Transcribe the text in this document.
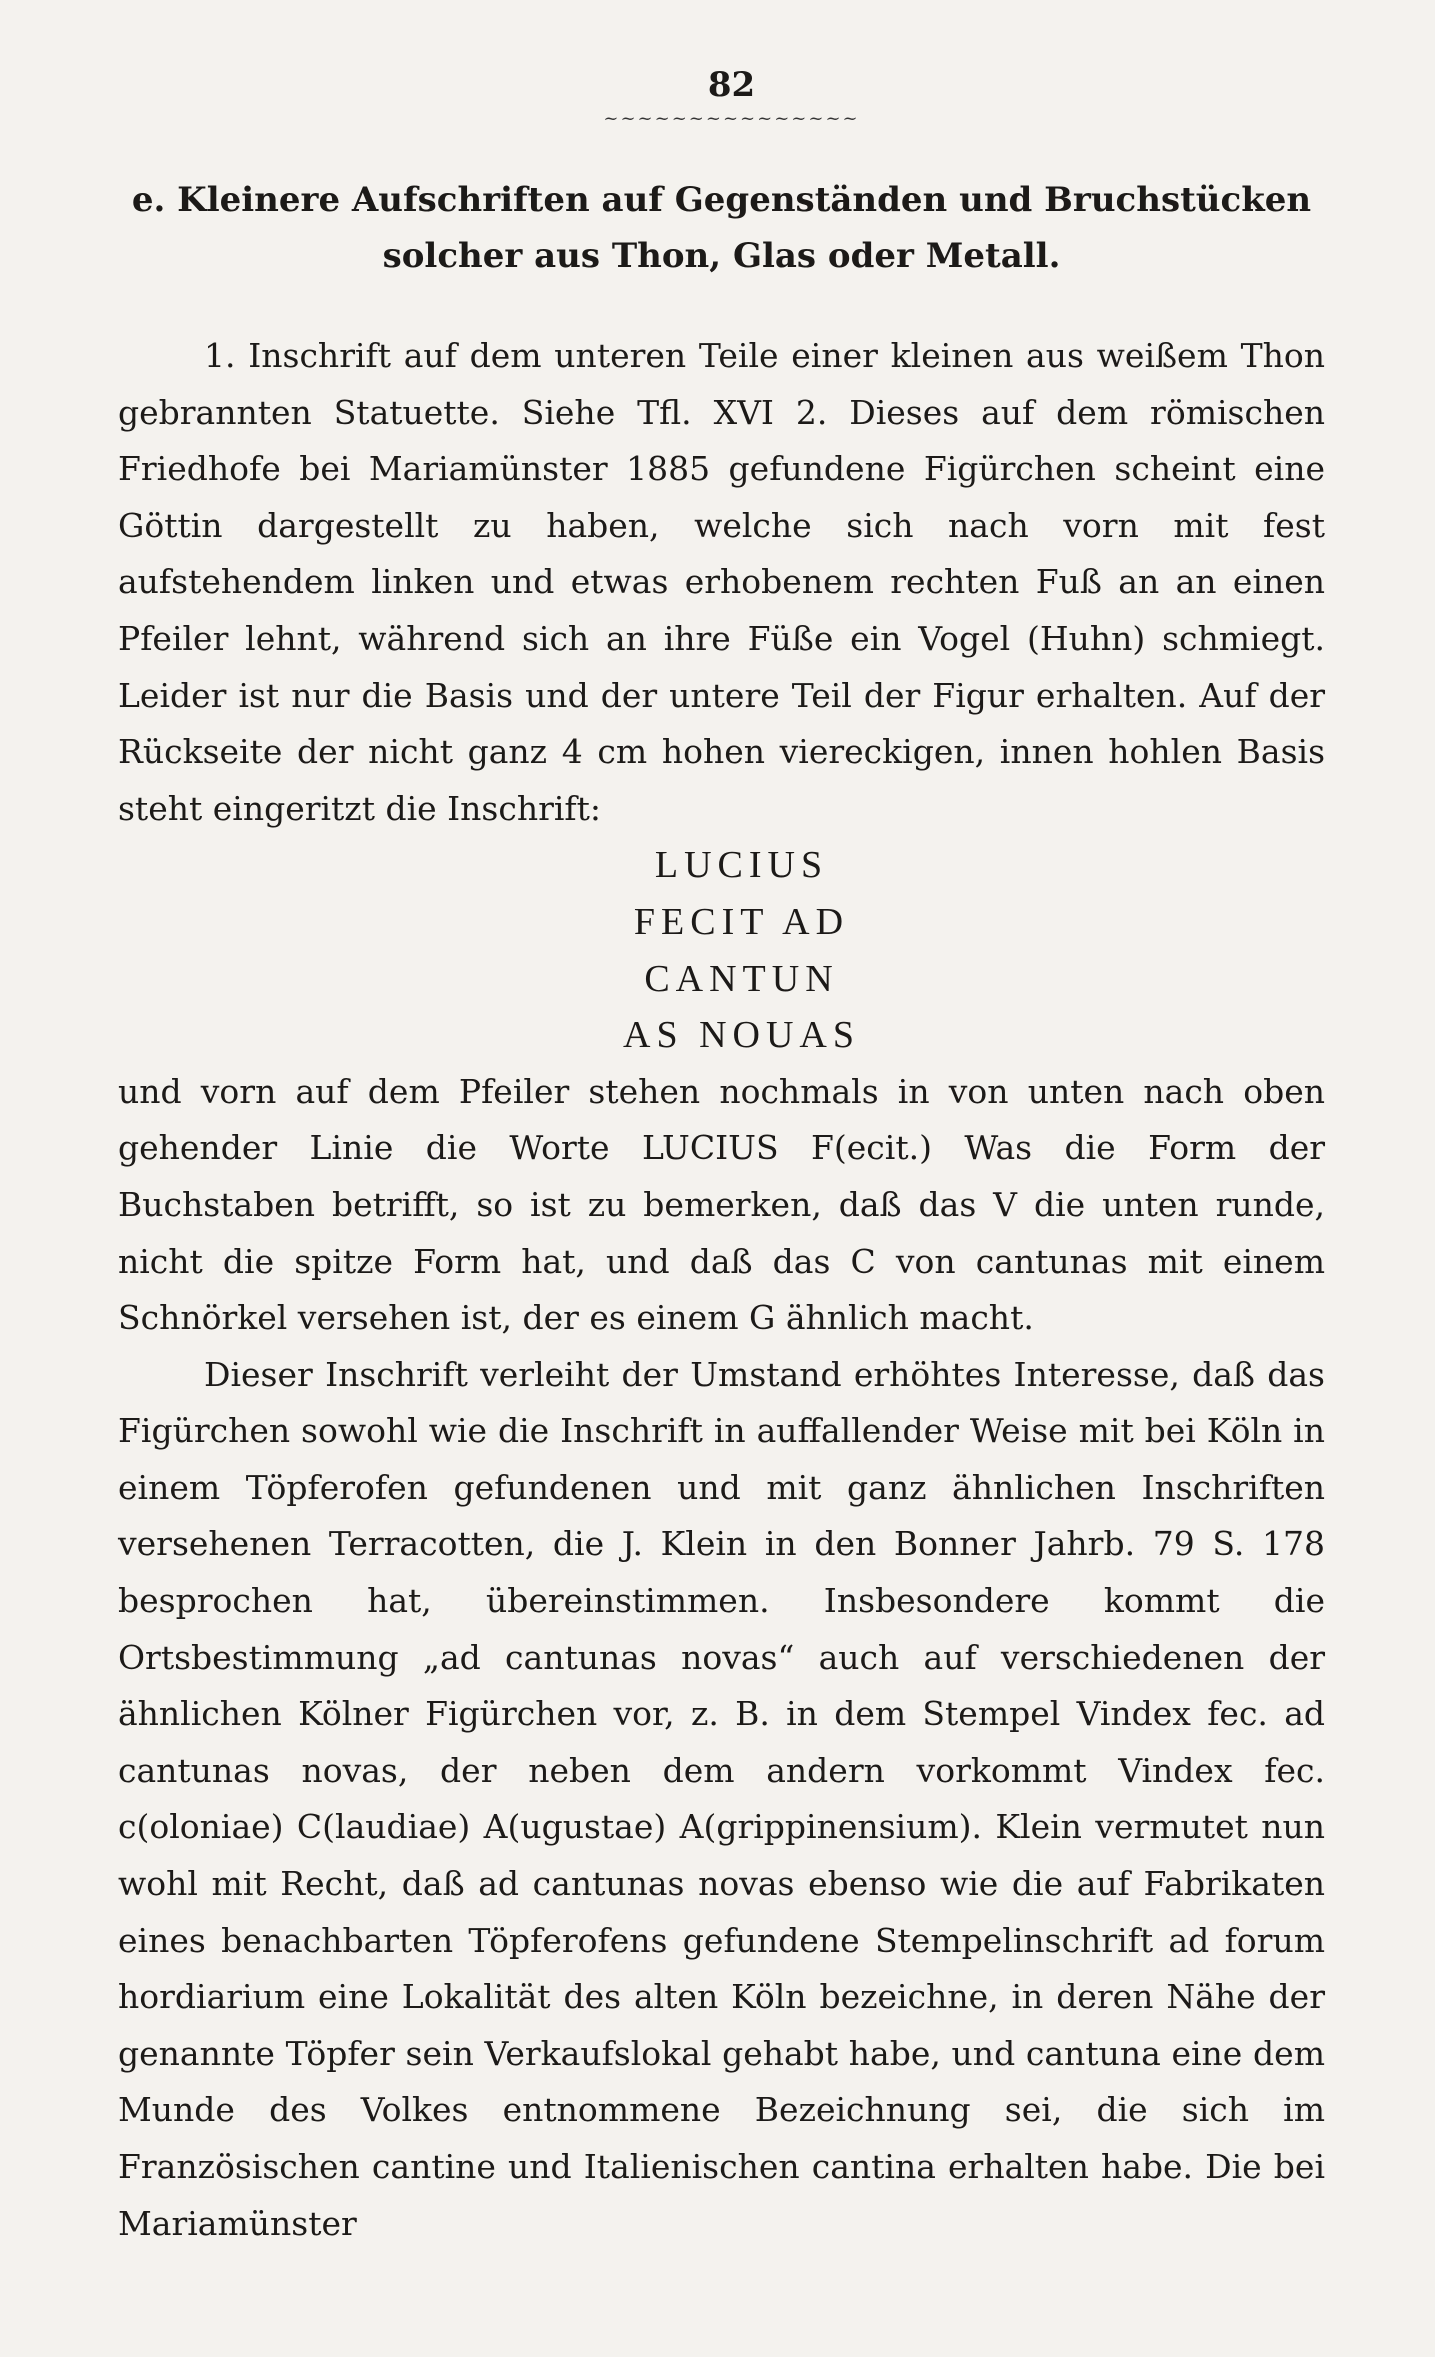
82
~~~~~~~~~~~~~~~
e. Kleinere Aufschriften auf Gegenständen und Bruchstücken
solcher aus Thon, Glas oder Metall.

1. Inschrift auf dem unteren Teile einer kleinen aus weißem Thon gebrannten Statuette. Siehe Tfl. XVI 2. Dieses auf dem römischen Friedhofe bei Mariamünster 1885 gefundene Figürchen scheint eine Göttin dargestellt zu haben, welche sich nach vorn mit fest aufstehendem linken und etwas erhobenem rechten Fuß an an einen Pfeiler lehnt, während sich an ihre Füße ein Vogel (Huhn) schmiegt. Leider ist nur die Basis und der untere Teil der Figur erhalten. Auf der Rückseite der nicht ganz 4 cm hohen viereckigen, innen hohlen Basis steht eingeritzt die Inschrift:

LUCIUS
FECIT AD
CANTUN
AS NOUAS

und vorn auf dem Pfeiler stehen nochmals in von unten nach oben gehender Linie die Worte LUCIUS F(ecit.) Was die Form der Buchstaben betrifft, so ist zu bemerken, daß das V die unten runde, nicht die spitze Form hat, und daß das C von cantunas mit einem Schnörkel versehen ist, der es einem G ähnlich macht.

Dieser Inschrift verleiht der Umstand erhöhtes Interesse, daß das Figürchen sowohl wie die Inschrift in auffallender Weise mit bei Köln in einem Töpferofen gefundenen und mit ganz ähnlichen Inschriften versehenen Terracotten, die J. Klein in den Bonner Jahrb. 79 S. 178 besprochen hat, übereinstimmen. Insbesondere kommt die Ortsbestimmung „ad cantunas novas“ auch auf verschiedenen der ähnlichen Kölner Figürchen vor, z. B. in dem Stempel Vindex fec. ad cantunas novas, der neben dem andern vorkommt Vindex fec. c(oloniae) C(laudiae) A(ugustae) A(grippinensium). Klein vermutet nun wohl mit Recht, daß ad cantunas novas ebenso wie die auf Fabrikaten eines benachbarten Töpferofens gefundene Stempelinschrift ad forum hordiarium eine Lokalität des alten Köln bezeichne, in deren Nähe der genannte Töpfer sein Verkaufslokal gehabt habe, und cantuna eine dem Munde des Volkes entnommene Bezeichnung sei, die sich im Französischen cantine und Italienischen cantina erhalten habe. Die bei Mariamünster
